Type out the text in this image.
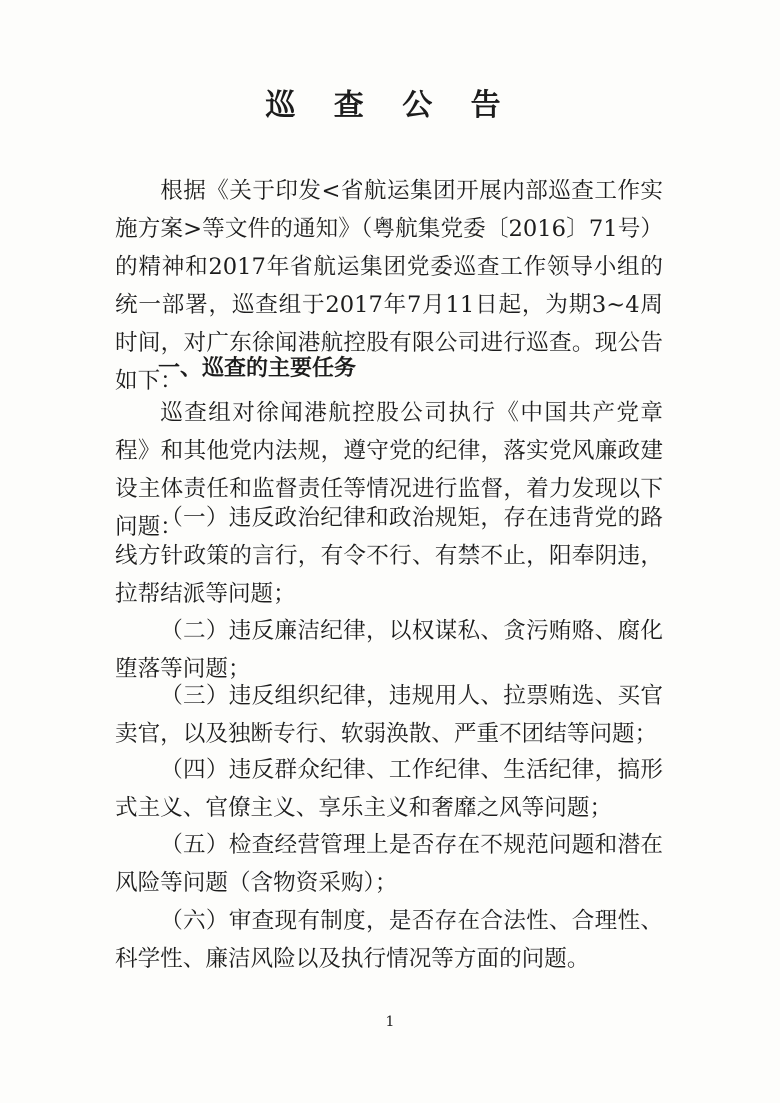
巡 查 公 告

根据《关于印发<省航运集团开展内部巡查工作实施方案>等文件的通知》（粤航集党委〔2016〕71号）的精神和2017年省航运集团党委巡查工作领导小组的统一部署，巡查组于2017年7月11日起，为期3~4周时间，对广东徐闻港航控股有限公司进行巡查。现公告如下：

一、巡查的主要任务

巡查组对徐闻港航控股公司执行《中国共产党章程》和其他党内法规，遵守党的纪律，落实党风廉政建设主体责任和监督责任等情况进行监督，着力发现以下问题：

（一）违反政治纪律和政治规矩，存在违背党的路线方针政策的言行，有令不行、有禁不止，阳奉阴违，拉帮结派等问题；

（二）违反廉洁纪律，以权谋私、贪污贿赂、腐化堕落等问题；

（三）违反组织纪律，违规用人、拉票贿选、买官卖官，以及独断专行、软弱涣散、严重不团结等问题；

（四）违反群众纪律、工作纪律、生活纪律，搞形式主义、官僚主义、享乐主义和奢靡之风等问题；

（五）检查经营管理上是否存在不规范问题和潜在风险等问题（含物资采购）；

（六）审查现有制度，是否存在合法性、合理性、科学性、廉洁风险以及执行情况等方面的问题。

1
